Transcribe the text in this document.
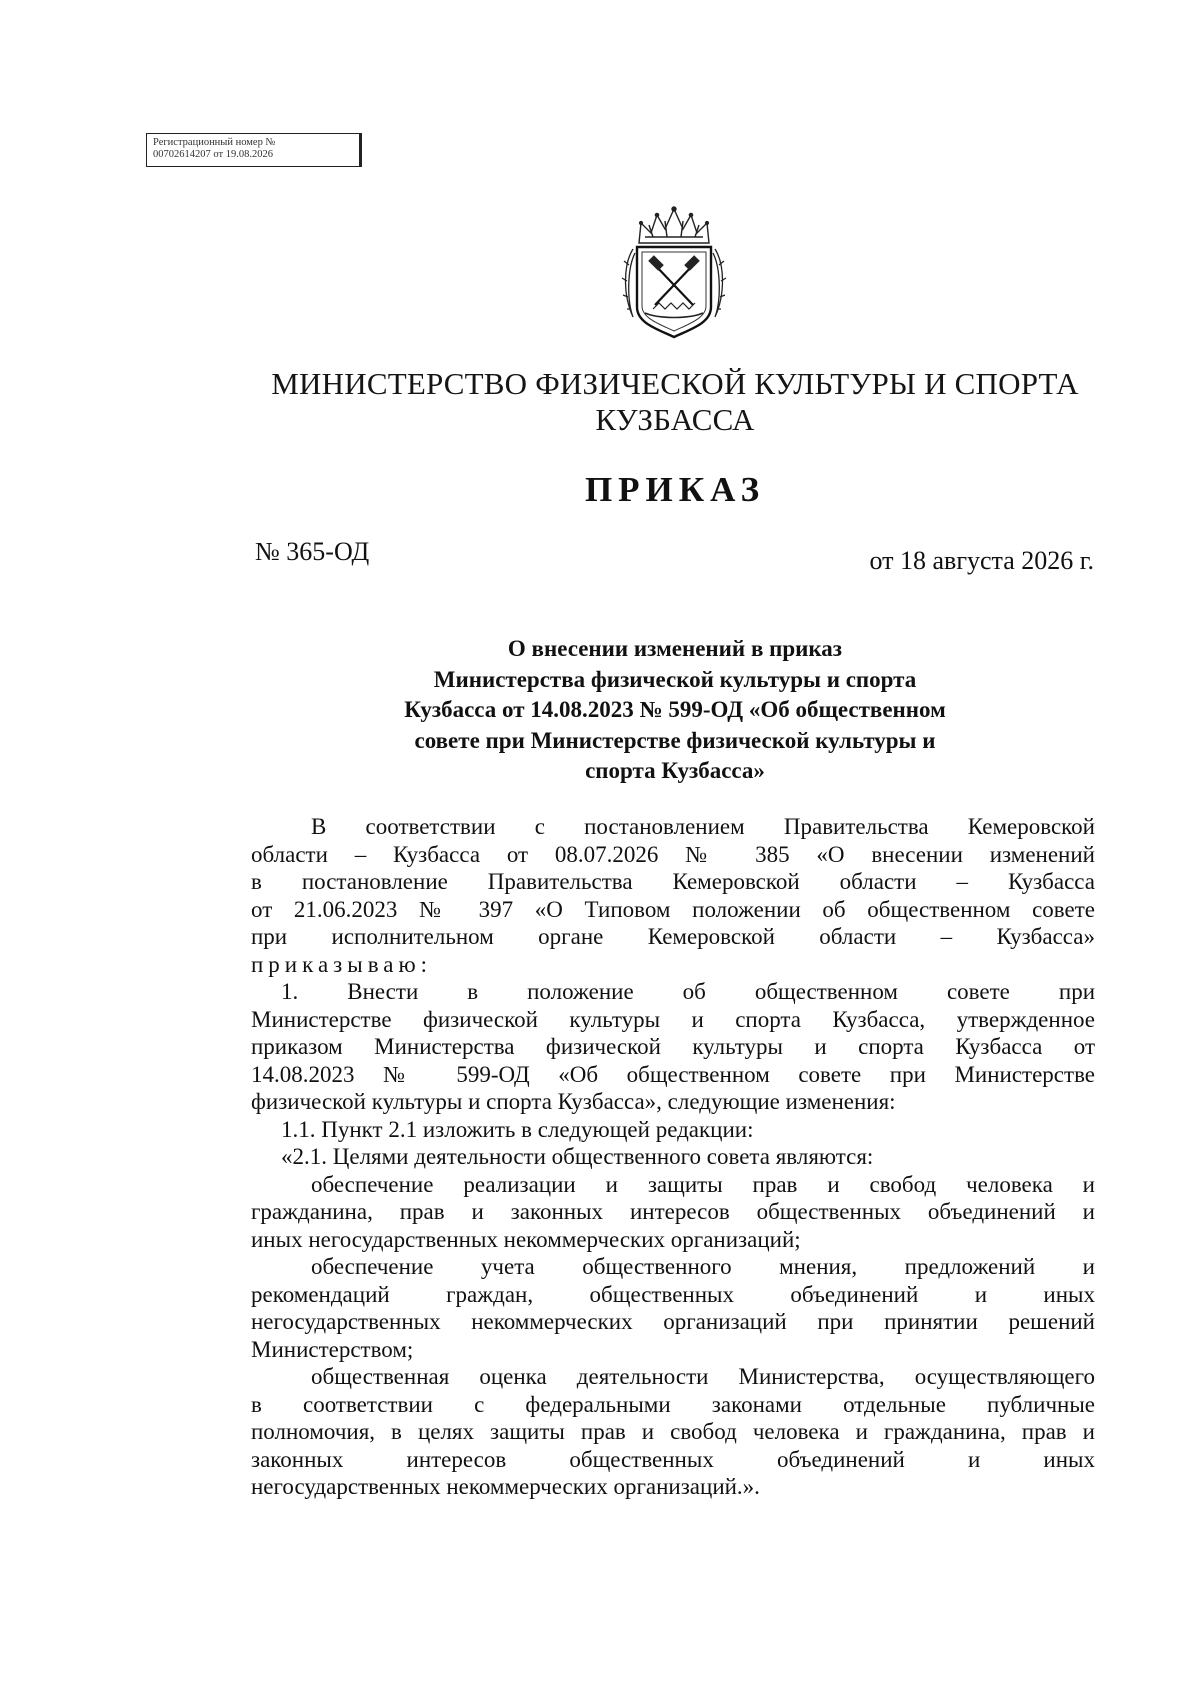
Регистрационный номер №
00702614207 от 19.08.2026
МИНИСТЕРСТВО ФИЗИЧЕСКОЙ КУЛЬТУРЫ И СПОРТА
КУЗБАССА
ПРИКАЗ
№ 365-ОД	от 18 августа 2026 г.
О внесении изменений в приказ
Министерства физической культуры и спорта
Кузбасса от 14.08.2023 № 599-ОД «Об общественном
совете при Министерстве физической культуры и
спорта Кузбасса»
В соответствии с постановлением Правительства Кемеровской
области – Кузбасса от 08.07.2026 № 385 «О внесении изменений
в постановление Правительства Кемеровской области – Кузбасса
от 21.06.2023 № 397 «О Типовом положении об общественном совете
при исполнительном органе Кемеровской области – Кузбасса»
приказываю:
1. Внести в положение об общественном совете при
Министерстве физической культуры и спорта Кузбасса, утвержденное
приказом Министерства физической культуры и спорта Кузбасса от
14.08.2023 № 599-ОД «Об общественном совете при Министерстве
физической культуры и спорта Кузбасса», следующие изменения:
1.1. Пункт 2.1 изложить в следующей редакции:
«2.1. Целями деятельности общественного совета являются:
обеспечение реализации и защиты прав и свобод человека и
гражданина, прав и законных интересов общественных объединений и
иных негосударственных некоммерческих организаций;
обеспечение учета общественного мнения, предложений и
рекомендаций граждан, общественных объединений и иных
негосударственных некоммерческих организаций при принятии решений
Министерством;
общественная оценка деятельности Министерства, осуществляющего
в соответствии с федеральными законами отдельные публичные
полномочия, в целях защиты прав и свобод человека и гражданина, прав и
законных интересов общественных объединений и иных
негосударственных некоммерческих организаций.».
